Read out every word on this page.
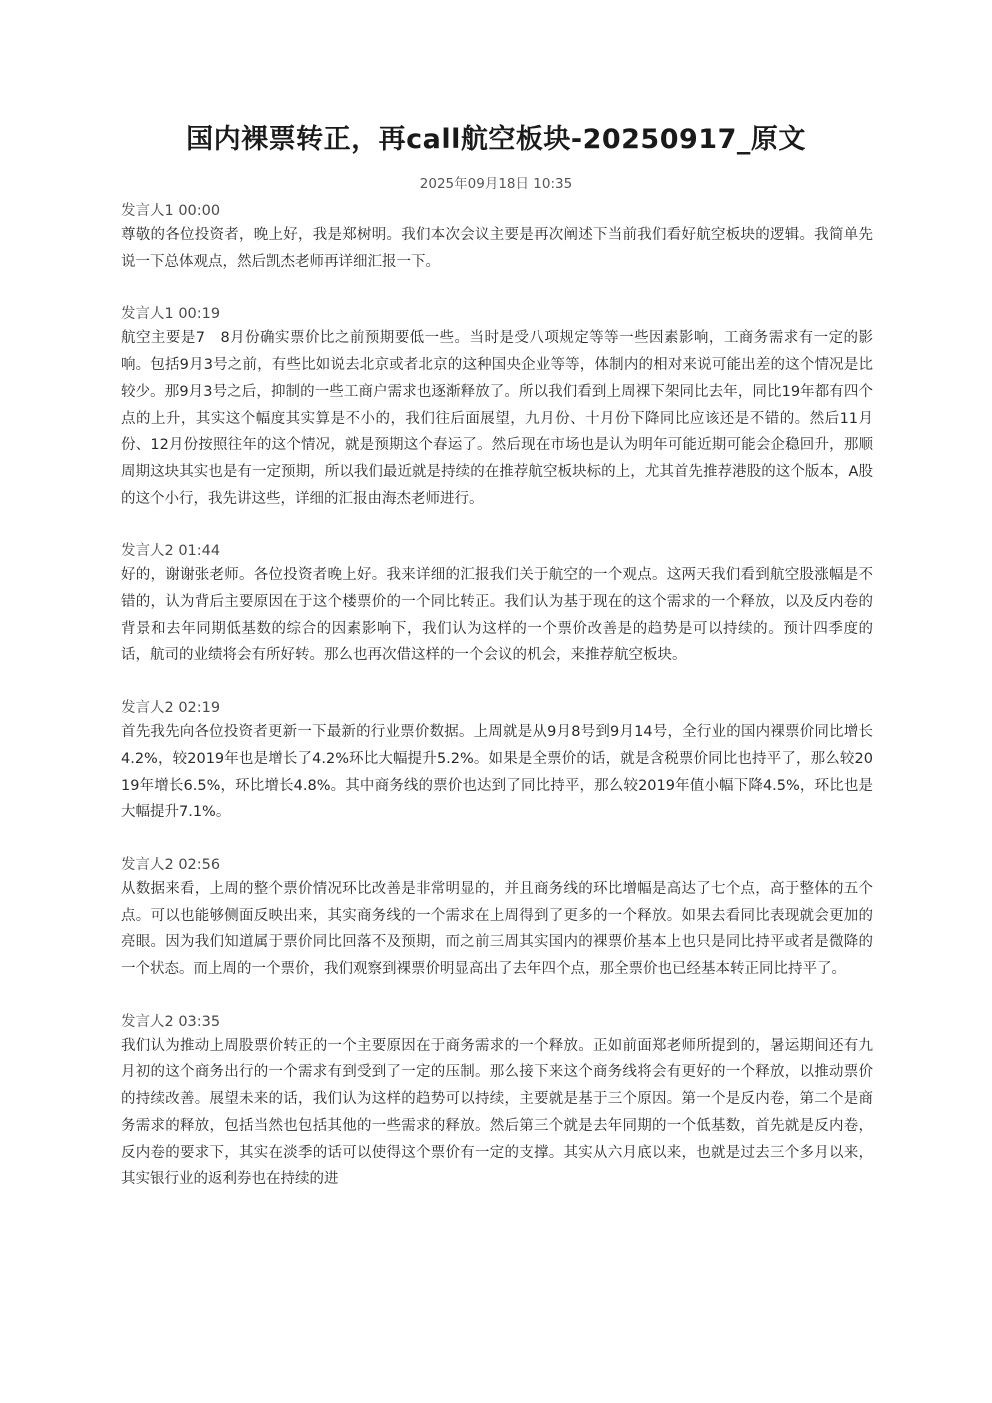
国内裸票转正，再call航空板块-20250917_原文
2025年09月18日 10:35
发言人1 00:00

尊敬的各位投资者，晚上好，我是郑树明。我们本次会议主要是再次阐述下当前我们看好航空板块的逻辑。我简单先说一下总体观点，然后凯杰老师再详细汇报一下。

发言人1 00:19

航空主要是7　8月份确实票价比之前预期要低一些。当时是受八项规定等等一些因素影响，工商务需求有一定的影响。包括9月3号之前，有些比如说去北京或者北京的这种国央企业等等，体制内的相对来说可能出差的这个情况是比较少。那9月3号之后，抑制的一些工商户需求也逐渐释放了。所以我们看到上周裸下架同比去年，同比19年都有四个点的上升，其实这个幅度其实算是不小的，我们往后面展望，九月份、十月份下降同比应该还是不错的。然后11月份、12月份按照往年的这个情况，就是预期这个春运了。然后现在市场也是认为明年可能近期可能会企稳回升，那顺周期这块其实也是有一定预期，所以我们最近就是持续的在推荐航空板块标的上，尤其首先推荐港股的这个版本，A股的这个小行，我先讲这些，详细的汇报由海杰老师进行。

发言人2 01:44

好的，谢谢张老师。各位投资者晚上好。我来详细的汇报我们关于航空的一个观点。这两天我们看到航空股涨幅是不错的，认为背后主要原因在于这个楼票价的一个同比转正。我们认为基于现在的这个需求的一个释放，以及反内卷的背景和去年同期低基数的综合的因素影响下，我们认为这样的一个票价改善是的趋势是可以持续的。预计四季度的话，航司的业绩将会有所好转。那么也再次借这样的一个会议的机会，来推荐航空板块。

发言人2 02:19

首先我先向各位投资者更新一下最新的行业票价数据。上周就是从9月8号到9月14号，全行业的国内裸票价同比增长4.2%，较2019年也是增长了4.2%环比大幅提升5.2%。如果是全票价的话，就是含税票价同比也持平了，那么较2019年增长6.5%，环比增长4.8%。其中商务线的票价也达到了同比持平，那么较2019年值小幅下降4.5%，环比也是大幅提升7.1%。

发言人2 02:56

从数据来看，上周的整个票价情况环比改善是非常明显的，并且商务线的环比增幅是高达了七个点，高于整体的五个点。可以也能够侧面反映出来，其实商务线的一个需求在上周得到了更多的一个释放。如果去看同比表现就会更加的亮眼。因为我们知道属于票价同比回落不及预期，而之前三周其实国内的裸票价基本上也只是同比持平或者是微降的一个状态。而上周的一个票价，我们观察到裸票价明显高出了去年四个点，那全票价也已经基本转正同比持平了。

发言人2 03:35

我们认为推动上周股票价转正的一个主要原因在于商务需求的一个释放。正如前面郑老师所提到的，暑运期间还有九月初的这个商务出行的一个需求有到受到了一定的压制。那么接下来这个商务线将会有更好的一个释放，以推动票价的持续改善。展望未来的话，我们认为这样的趋势可以持续，主要就是基于三个原因。第一个是反内卷，第二个是商务需求的释放，包括当然也包括其他的一些需求的释放。然后第三个就是去年同期的一个低基数，首先就是反内卷，反内卷的要求下，其实在淡季的话可以使得这个票价有一定的支撑。其实从六月底以来，也就是过去三个多月以来，其实银行业的返利券也在持续的进
